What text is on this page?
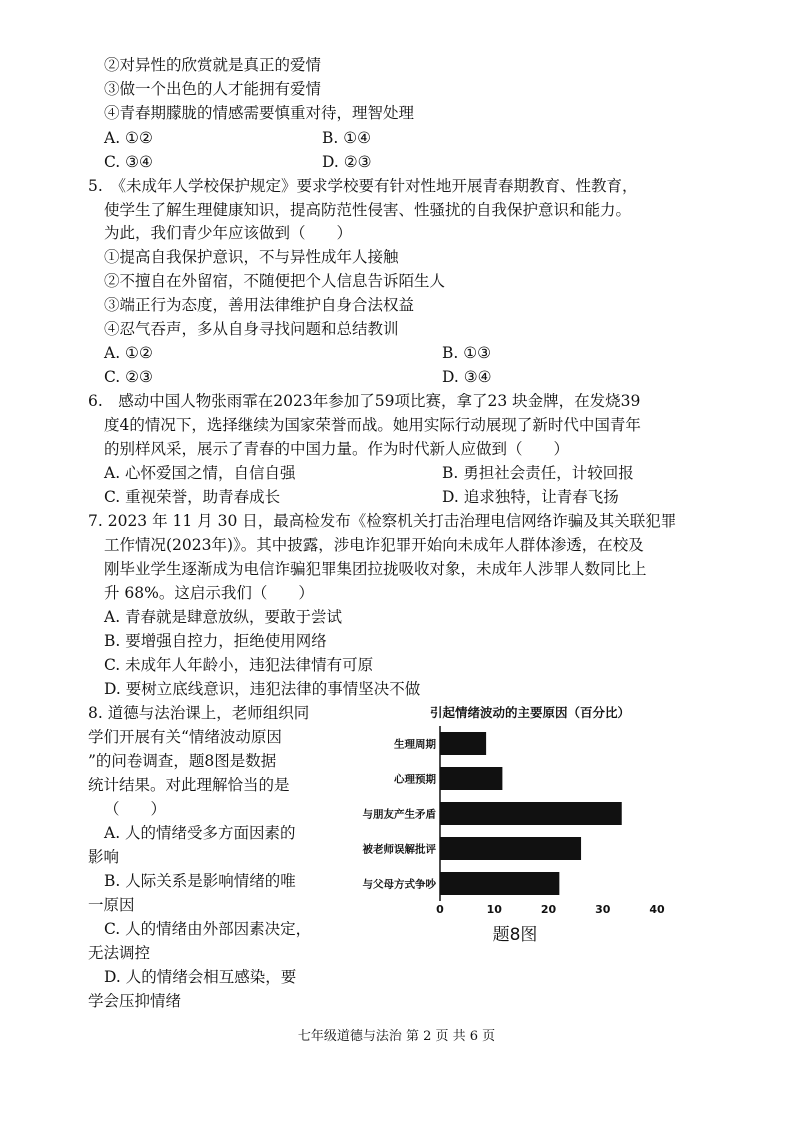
②对异性的欣赏就是真正的爱情
③做一个出色的人才能拥有爱情
④青春期朦胧的情感需要慎重对待，理智处理
A. ①②	B. ①④
C. ③④	D. ②③
5.　《未成年人学校保护规定》要求学校要有针对性地开展青春期教育、性教育，
使学生了解生理健康知识，提高防范性侵害、性骚扰的自我保护意识和能力。
为此，我们青少年应该做到（　　）
①提高自我保护意识，不与异性成年人接触
②不擅自在外留宿，不随便把个人信息告诉陌生人
③端正行为态度，善用法律维护自身合法权益
④忍气吞声，多从自身寻找问题和总结教训
A. ①②	B. ①③
C. ②③	D. ③④
6.　感动中国人物张雨霏在2023年参加了59项比赛，拿了23 块金牌，在发烧39
度4的情况下，选择继续为国家荣誉而战。她用实际行动展现了新时代中国青年
的别样风采，展示了青春的中国力量。作为时代新人应做到（　　）
A. 心怀爱国之情，自信自强	B. 勇担社会责任，计较回报
C. 重视荣誉，助青春成长	D. 追求独特，让青春飞扬
7. 2023 年 11 月 30 日，最高检发布《检察机关打击治理电信网络诈骗及其关联犯罪
工作情况(2023年)》。其中披露，涉电诈犯罪开始向未成年人群体渗透，在校及
刚毕业学生逐渐成为电信诈骗犯罪集团拉拢吸收对象，未成年人涉罪人数同比上
升 68%。这启示我们（　　）
A. 青春就是肆意放纵，要敢于尝试
B. 要增强自控力，拒绝使用网络
C. 未成年人年龄小，违犯法律情有可原
D. 要树立底线意识，违犯法律的事情坚决不做
8. 道德与法治课上，老师组织同
学们开展有关“情绪波动原因
”的问卷调查，题8图是数据
统计结果。对此理解恰当的是
（　　）
A. 人的情绪受多方面因素的
影响
B. 人际关系是影响情绪的唯
一原因
C. 人的情绪由外部因素决定，
无法调控
D. 人的情绪会相互感染，要
学会压抑情绪
引起情绪波动的主要原因（百分比）
生理周期
心理预期
与朋友产生矛盾
被老师误解批评
与父母方式争吵
0	10	20	30	40
题8图
七年级道德与法治 第 2 页 共 6 页
